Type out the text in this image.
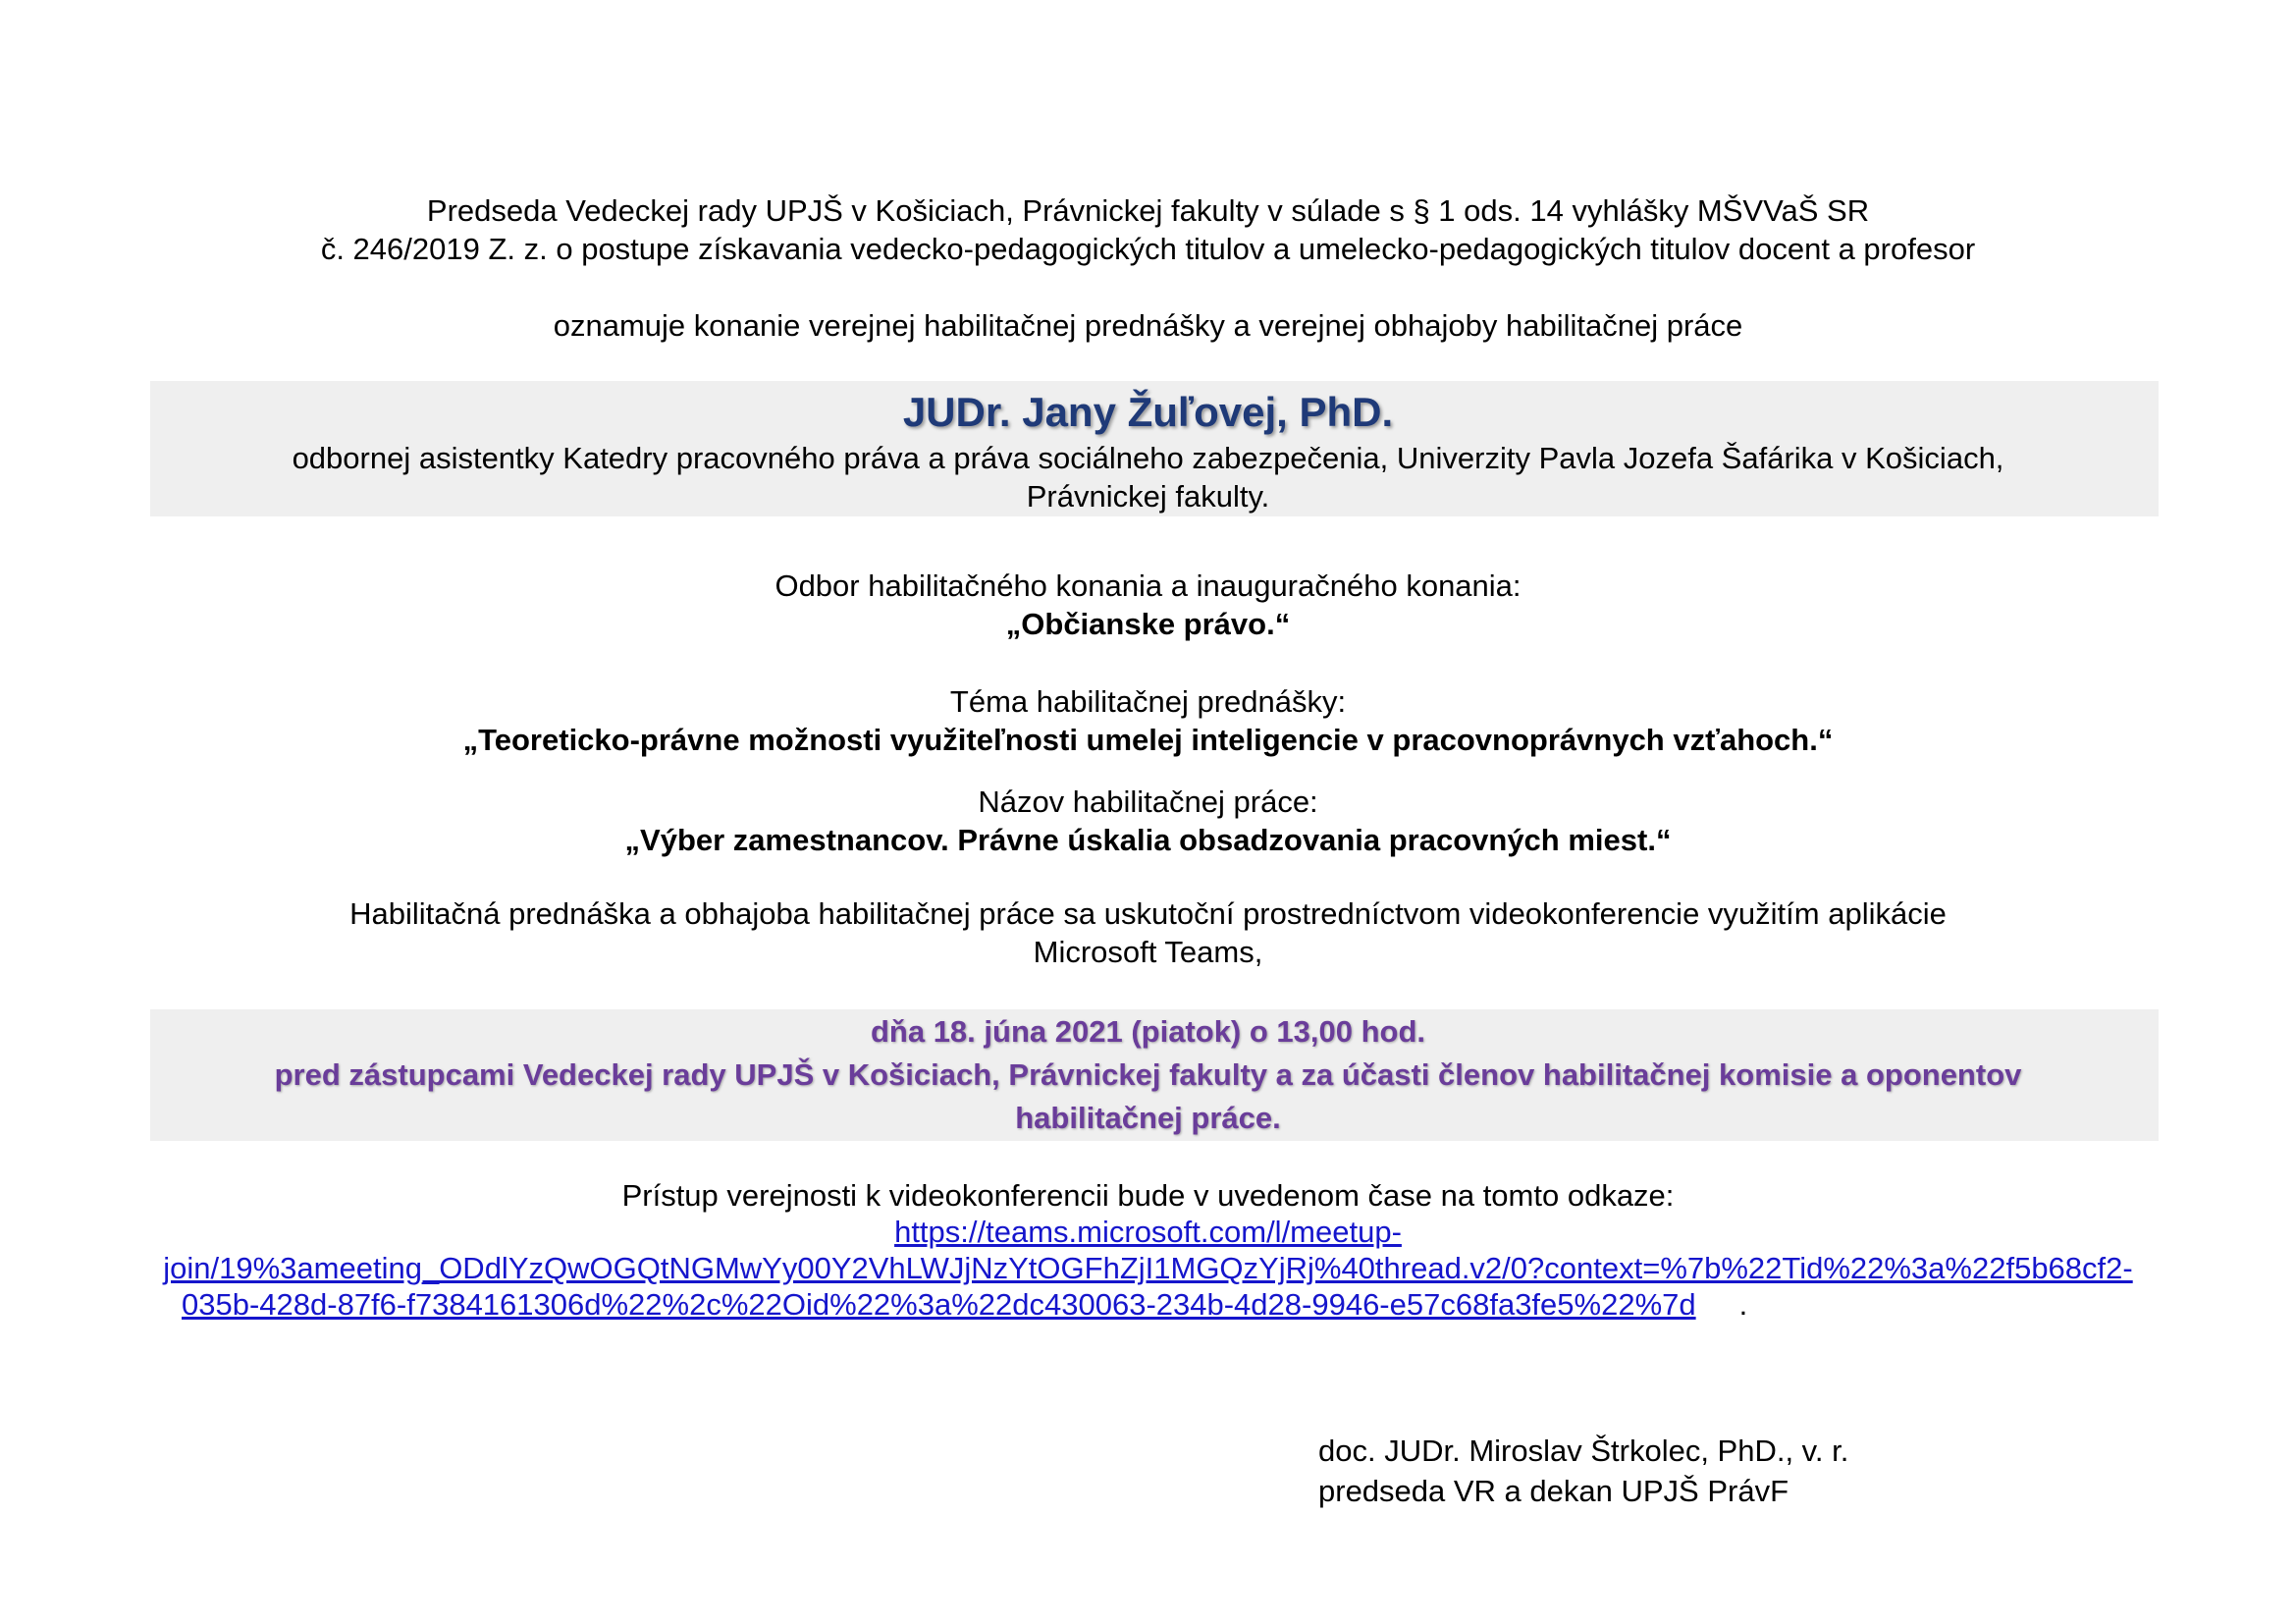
Predseda Vedeckej rady UPJŠ v Košiciach, Právnickej fakulty v súlade s § 1 ods. 14 vyhlášky MŠVVaŠ SR
č. 246/2019 Z. z. o postupe získavania vedecko-pedagogických titulov a umelecko-pedagogických titulov docent a profesor
oznamuje konanie verejnej habilitačnej prednášky a verejnej obhajoby habilitačnej práce
JUDr. Jany Žuľovej, PhD.
odbornej asistentky Katedry pracovného práva a práva sociálneho zabezpečenia, Univerzity Pavla Jozefa Šafárika v Košiciach,
Právnickej fakulty.
Odbor habilitačného konania a inauguračného konania:
„Občianske právo.“
Téma habilitačnej prednášky:
„Teoreticko-právne možnosti využiteľnosti umelej inteligencie v pracovnoprávnych vzťahoch.“
Názov habilitačnej práce:
„Výber zamestnancov. Právne úskalia obsadzovania pracovných miest.“
Habilitačná prednáška a obhajoba habilitačnej práce sa uskutoční prostredníctvom videokonferencie využitím aplikácie
Microsoft Teams,
dňa 18. júna 2021 (piatok) o 13,00 hod.
pred zástupcami Vedeckej rady UPJŠ v Košiciach, Právnickej fakulty a za účasti členov habilitačnej komisie a oponentov
habilitačnej práce.
Prístup verejnosti k videokonferencii bude v uvedenom čase na tomto odkaze:
https://teams.microsoft.com/l/meetup-
join/19%3ameeting_ODdlYzQwOGQtNGMwYy00Y2VhLWJjNzYtOGFhZjI1MGQzYjRj%40thread.v2/0?context=%7b%22Tid%22%3a%22f5b68cf2-
035b-428d-87f6-f7384161306d%22%2c%22Oid%22%3a%22dc430063-234b-4d28-9946-e57c68fa3fe5%22%7d .
doc. JUDr. Miroslav Štrkolec, PhD., v. r.
predseda VR a dekan UPJŠ PrávF
